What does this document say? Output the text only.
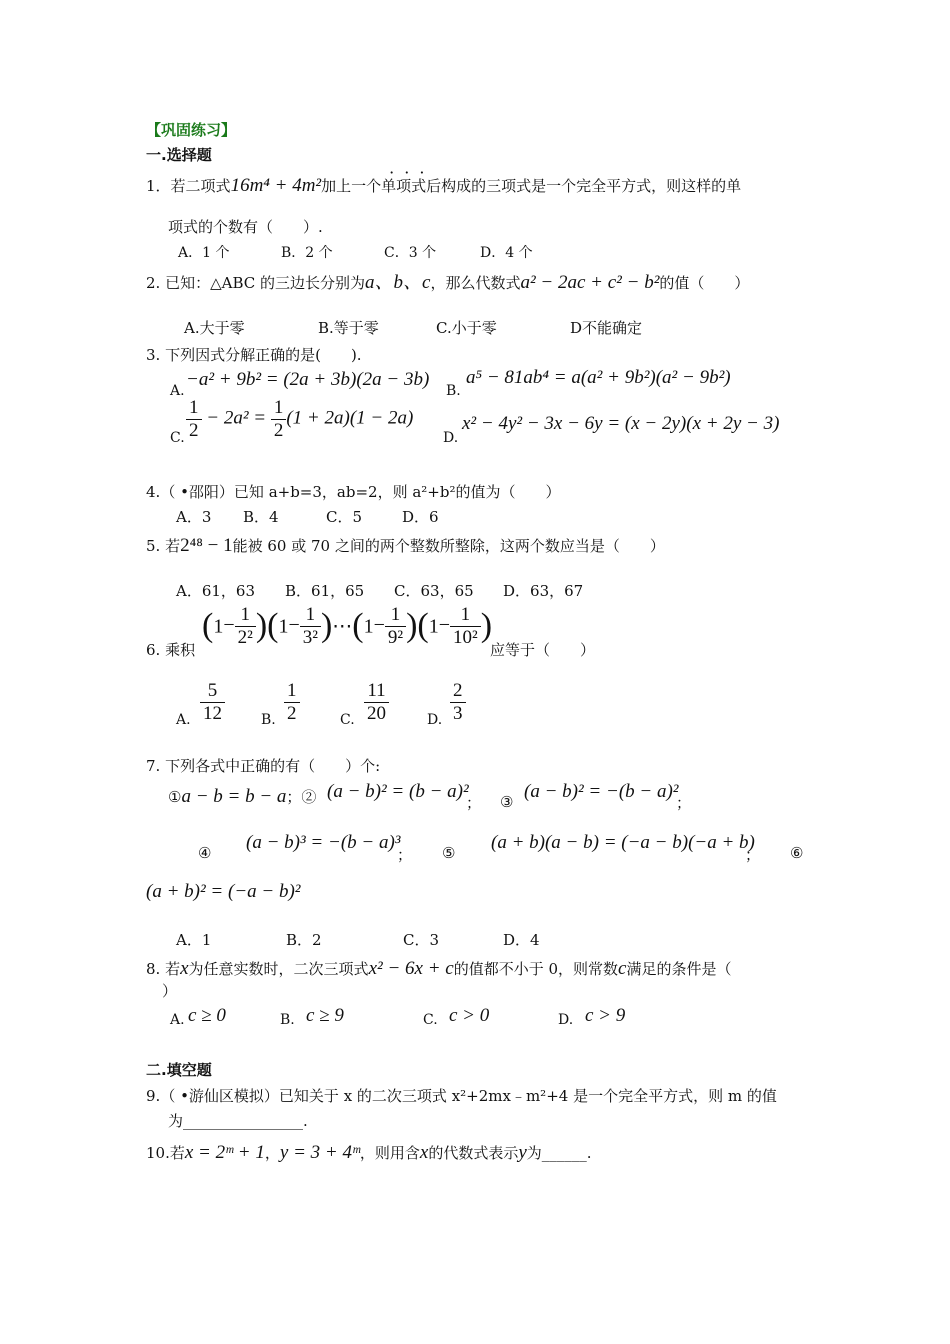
【巩固练习】
一.选择题
1．若二项式16m⁴ + 4m²加上一个
···
单项式后构成的三项式是一个完全平方式，则这样的单
项式的个数有（　　）.
A．1 个	B．2 个	C．3 个	D．4 个
2. 已知：△ABC 的三边长分别为a、b、c，那么代数式a² − 2ac + c² − b²的值（　　）
A.大于零	B.等于零	C.小于零	D不能确定
3. 下列因式分解正确的是(　　).
A.
−a² + 9b² = (2a + 3b)(2a − 3b)
B.
a⁵ − 81ab⁴ = a(a² + 9b²)(a² − 9b²)
C. $\frac{1}{2} - 2a^2 = \frac{1}{2} (1 + 2a)(1 - 2a)$
D.
x² − 4y² − 3x − 6y = (x − 2y)(x + 2y − 3)
4.（ •邵阳）已知 a+b=3，ab=2，则 a²+b²的值为（　　）
A．3 B．4	C．5	D．6
5. 若2⁴⁸ − 1能被 60 或 70 之间的两个整数所整除，这两个数应当是（　　）
A．61，63 B．61，65 C．63，65 D．63，67
6. 乘积
$(1- \frac{1}{\text{2²}} )(1- \frac{1}{\text{3²}}$ )⋯(1− $\frac{1}{\text{9²}} )(1- \frac{1}{\text{10²}}$ )
应等于（　　）
A. $\frac{5}{12}$	B. $\frac{1}{2}$	C. $\frac{11}{20}$	D. $\frac{2}{3}$
7. 下列各式中正确的有（　　）个:
①a − b = b − a；② (a − b)² = (b − a)²
； ③ (a − b)² = −(b − a)²
；
④ (a − b)³ = −(b − a)³
； ⑤ (a + b)(a − b) = (−a − b)(−a + b)
； ⑥
(a + b)² = (−a − b)²
A．1	B．2	C．3	D．4
8. 若x为任意实数时，二次三项式x² − 6x + c的值都不小于 0，则常数c满足的条件是（
）
A. c ≥ 0	B. c ≥ 9	C. c > 0	D. c > 9
二.填空题
9.（ •游仙区模拟）已知关于 x 的二次三项式 x²+2mx﹣m²+4 是一个完全平方式，则 m 的值
为________________.
10.若x = 2ᵐ + 1，y = 3 + 4ᵐ，则用含x的代数式表示y为______.
